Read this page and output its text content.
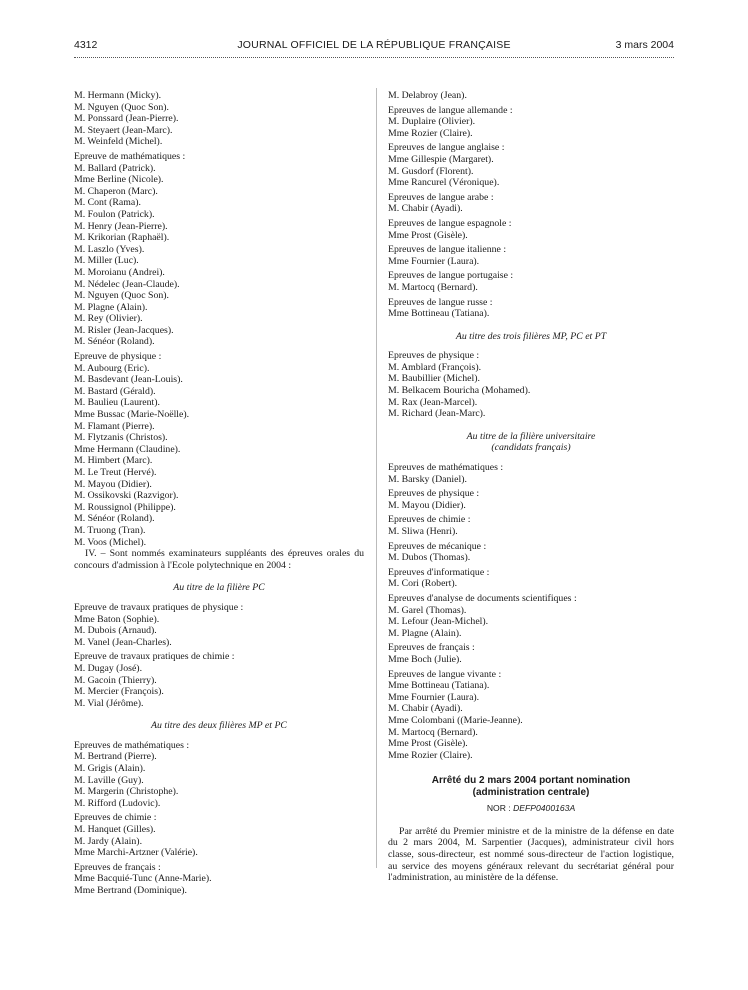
4312	JOURNAL OFFICIEL DE LA RÉPUBLIQUE FRANÇAISE	3 mars 2004
M. Hermann (Micky).
M. Nguyen (Quoc Son).
M. Ponssard (Jean-Pierre).
M. Steyaert (Jean-Marc).
M. Weinfeld (Michel).
Epreuve de mathématiques :
M. Ballard (Patrick).
Mme Berline (Nicole).
M. Chaperon (Marc).
M. Cont (Rama).
M. Foulon (Patrick).
M. Henry (Jean-Pierre).
M. Krikorian (Raphaël).
M. Laszlo (Yves).
M. Miller (Luc).
M. Moroianu (Andrei).
M. Nédelec (Jean-Claude).
M. Nguyen (Quoc Son).
M. Plagne (Alain).
M. Rey (Olivier).
M. Risler (Jean-Jacques).
M. Sénéor (Roland).
Epreuve de physique :
M. Aubourg (Eric).
M. Basdevant (Jean-Louis).
M. Bastard (Gérald).
M. Baulieu (Laurent).
Mme Bussac (Marie-Noëlle).
M. Flamant (Pierre).
M. Flytzanis (Christos).
Mme Hermann (Claudine).
M. Himbert (Marc).
M. Le Treut (Hervé).
M. Mayou (Didier).
M. Ossikovski (Razvigor).
M. Roussignol (Philippe).
M. Sénéor (Roland).
M. Truong (Tran).
M. Voos (Michel).
IV. – Sont nommés examinateurs suppléants des épreuves orales du concours d'admission à l'Ecole polytechnique en 2004 :
Au titre de la filière PC
Epreuve de travaux pratiques de physique :
Mme Baton (Sophie).
M. Dubois (Arnaud).
M. Vanel (Jean-Charles).
Epreuve de travaux pratiques de chimie :
M. Dugay (José).
M. Gacoin (Thierry).
M. Mercier (François).
M. Vial (Jérôme).
Au titre des deux filières MP et PC
Epreuves de mathématiques :
M. Bertrand (Pierre).
M. Grigis (Alain).
M. Laville (Guy).
M. Margerin (Christophe).
M. Rifford (Ludovic).
Epreuves de chimie :
M. Hanquet (Gilles).
M. Jardy (Alain).
Mme Marchi-Artzner (Valérie).
Epreuves de français :
Mme Bacquié-Tunc (Anne-Marie).
Mme Bertrand (Dominique).
M. Delabroy (Jean).
Epreuves de langue allemande :
M. Duplaire (Olivier).
Mme Rozier (Claire).
Epreuves de langue anglaise :
Mme Gillespie (Margaret).
M. Gusdorf (Florent).
Mme Rancurel (Véronique).
Epreuves de langue arabe :
M. Chabir (Ayadi).
Epreuves de langue espagnole :
Mme Prost (Gisèle).
Epreuves de langue italienne :
Mme Fournier (Laura).
Epreuves de langue portugaise :
M. Martocq (Bernard).
Epreuves de langue russe :
Mme Bottineau (Tatiana).
Au titre des trois filières MP, PC et PT
Epreuves de physique :
M. Amblard (François).
M. Baubillier (Michel).
M. Belkacem Bouricha (Mohamed).
M. Rax (Jean-Marcel).
M. Richard (Jean-Marc).
Au titre de la filière universitaire
(candidats français)
Epreuves de mathématiques :
M. Barsky (Daniel).
Epreuves de physique :
M. Mayou (Didier).
Epreuves de chimie :
M. Sliwa (Henri).
Epreuves de mécanique :
M. Dubos (Thomas).
Epreuves d'informatique :
M. Cori (Robert).
Epreuves d'analyse de documents scientifiques :
M. Garel (Thomas).
M. Lefour (Jean-Michel).
M. Plagne (Alain).
Epreuves de français :
Mme Boch (Julie).
Epreuves de langue vivante :
Mme Bottineau (Tatiana).
Mme Fournier (Laura).
M. Chabir (Ayadi).
Mme Colombani ((Marie-Jeanne).
M. Martocq (Bernard).
Mme Prost (Gisèle).
Mme Rozier (Claire).
Arrêté du 2 mars 2004 portant nomination
(administration centrale)
NOR : DEFP0400163A
Par arrêté du Premier ministre et de la ministre de la défense en date du 2 mars 2004, M. Sarpentier (Jacques), administrateur civil hors classe, sous-directeur, est nommé sous-directeur de l'action logistique, au service des moyens généraux relevant du secrétariat général pour l'administration, au ministère de la défense.
